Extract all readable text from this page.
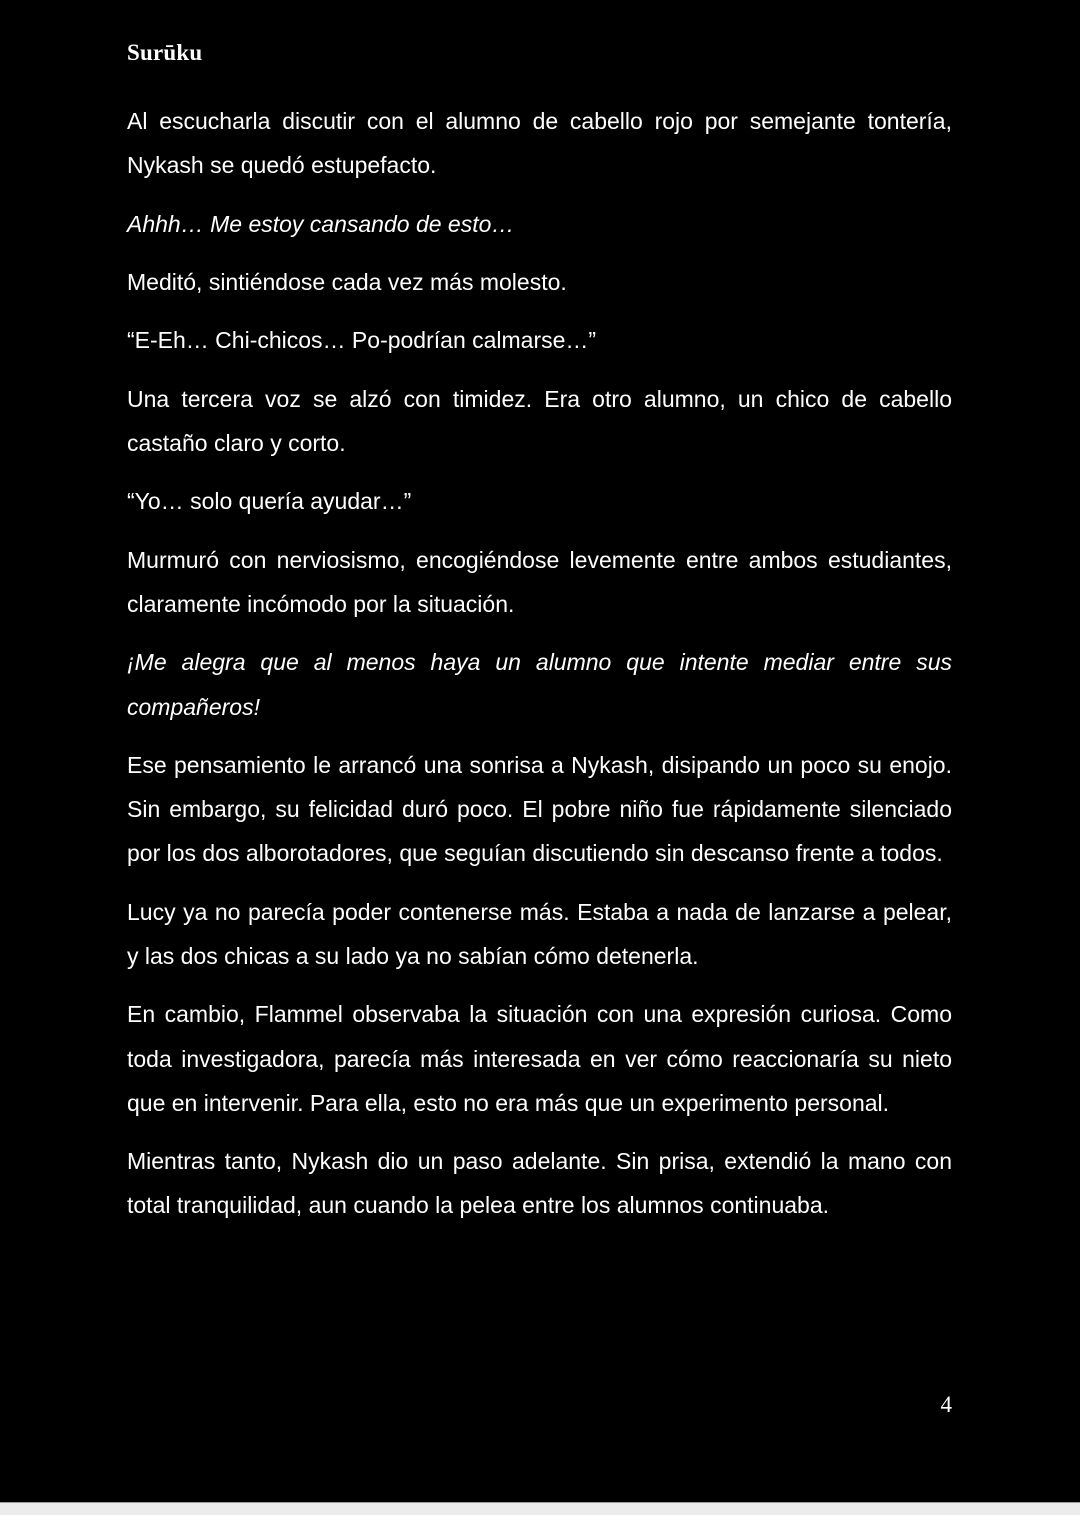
Surūku

Al escucharla discutir con el alumno de cabello rojo por semejante tontería, Nykash se quedó estupefacto.

Ahhh… Me estoy cansando de esto…

Meditó, sintiéndose cada vez más molesto.

“E-Eh… Chi-chicos… Po-podrían calmarse…”

Una tercera voz se alzó con timidez. Era otro alumno, un chico de cabello castaño claro y corto.

“Yo… solo quería ayudar…”

Murmuró con nerviosismo, encogiéndose levemente entre ambos estudiantes, claramente incómodo por la situación.

¡Me alegra que al menos haya un alumno que intente mediar entre sus compañeros!

Ese pensamiento le arrancó una sonrisa a Nykash, disipando un poco su enojo. Sin embargo, su felicidad duró poco. El pobre niño fue rápidamente silenciado por los dos alborotadores, que seguían discutiendo sin descanso frente a todos.

Lucy ya no parecía poder contenerse más. Estaba a nada de lanzarse a pelear, y las dos chicas a su lado ya no sabían cómo detenerla.

En cambio, Flammel observaba la situación con una expresión curiosa. Como toda investigadora, parecía más interesada en ver cómo reaccionaría su nieto que en intervenir. Para ella, esto no era más que un experimento personal.

Mientras tanto, Nykash dio un paso adelante. Sin prisa, extendió la mano con total tranquilidad, aun cuando la pelea entre los alumnos continuaba.

4
